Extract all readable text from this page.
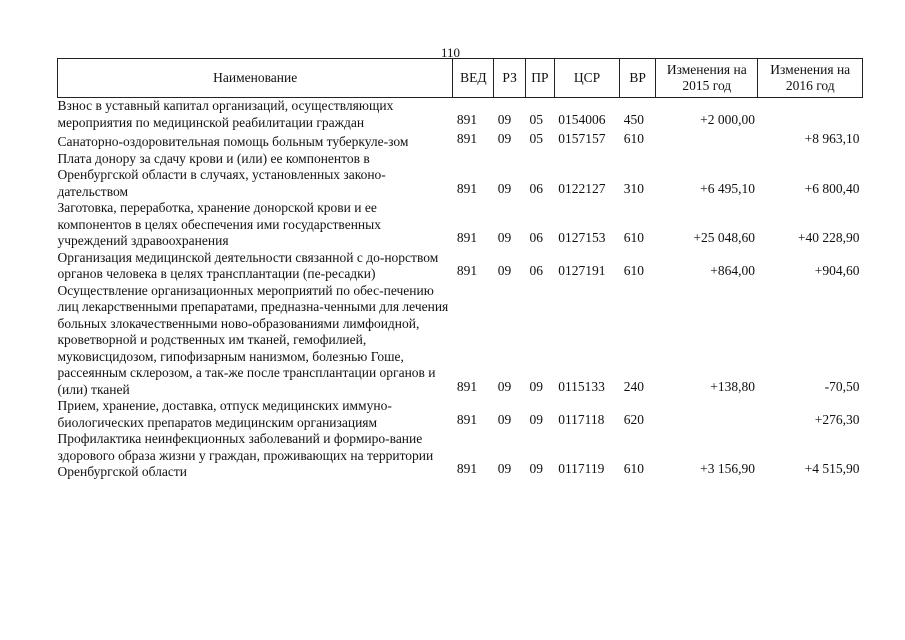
110
Наименование	ВЕД	РЗ	ПР	ЦСР	ВР	Изменения на 2015 год	Изменения на 2016 год
Взнос в уставный капитал организаций, осуществляющих мероприятия по медицинской реабилитации граждан	891	09	05	0154006	450	+2 000,00	
Санаторно-оздоровительная помощь больным туберкуле-зом	891	09	05	0157157	610		+8 963,10
Плата донору за сдачу крови и (или) ее компонентов в Оренбургской области в случаях, установленных законо-дательством	891	09	06	0122127	310	+6 495,10	+6 800,40
Заготовка, переработка, хранение донорской крови и ее компонентов в целях обеспечения ими государственных учреждений здравоохранения	891	09	06	0127153	610	+25 048,60	+40 228,90
Организация медицинской деятельности связанной с до-норством органов человека в целях трансплантации (пе-ресадки)	891	09	06	0127191	610	+864,00	+904,60
Осуществление организационных мероприятий по обес-печению лиц лекарственными препаратами, предназна-ченными для лечения больных злокачественными ново-образованиями лимфоидной, кроветворной и родственных им тканей, гемофилией, муковисцидозом, гипофизарным нанизмом, болезнью Гоше, рассеянным склерозом, а так-же после трансплантации органов и (или) тканей	891	09	09	0115133	240	+138,80	-70,50
Прием, хранение, доставка, отпуск медицинских иммуно-биологических препаратов медицинским организациям	891	09	09	0117118	620		+276,30
Профилактика неинфекционных заболеваний и формиро-вание здорового образа жизни у граждан, проживающих на территории Оренбургской области	891	09	09	0117119	610	+3 156,90	+4 515,90
